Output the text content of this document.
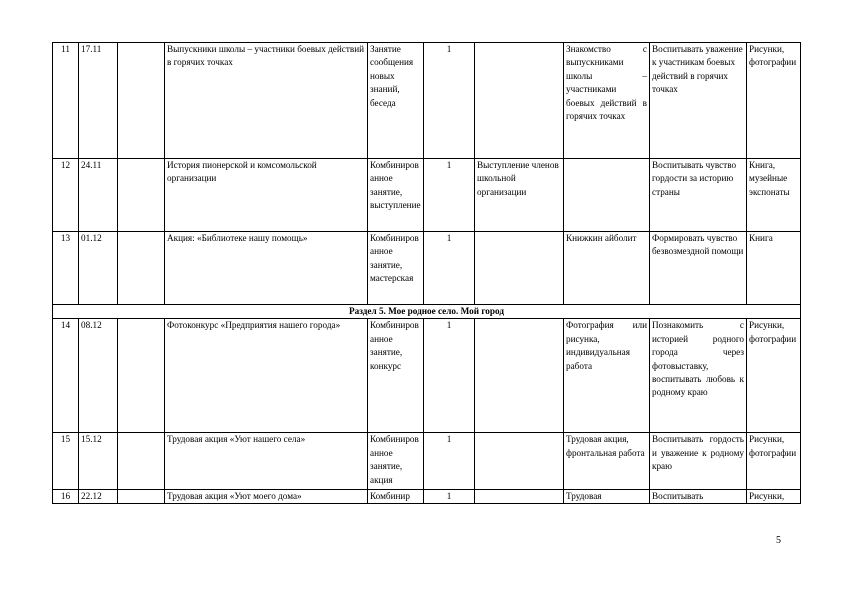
11	17.11		Выпускники школы – участники боевых действий в горячих точках	Занятие сообщения новых знаний, беседа	1		Знакомство с выпускниками школы – участниками боевых действий в горячих точках	Воспитывать уважение к участникам боевых действий в горячих точках	Рисунки, фотографии
12	24.11		История пионерской и комсомольской организации	Комбинированное занятие, выступление	1	Выступление членов школьной организации		Воспитывать чувство гордости за историю страны	Книга, музейные экспонаты
13	01.12		Акция: «Библиотеке нашу помощь»	Комбинированное занятие, мастерская	1		Книжкин айболит	Формировать чувство безвозмездной помощи	Книга
Раздел 5. Мое родное село. Мой город									
14	08.12		Фотоконкурс «Предприятия нашего города»	Комбинированное занятие, конкурс	1		Фотография или рисунка, индивидуальная работа	Познакомить с историей родного города через фотовыставку, воспитывать любовь к родному краю	Рисунки, фотографии
15	15.12		Трудовая акция «Уют нашего села»	Комбинированное занятие, акция	1		Трудовая акция, фронтальная работа	Воспитывать гордость и уважение к родному краю	Рисунки, фотографии

16	22.12		Трудовая акция «Уют моего дома»	Комбинир	1		Трудовая	Воспитывать	Рисунки,
5
